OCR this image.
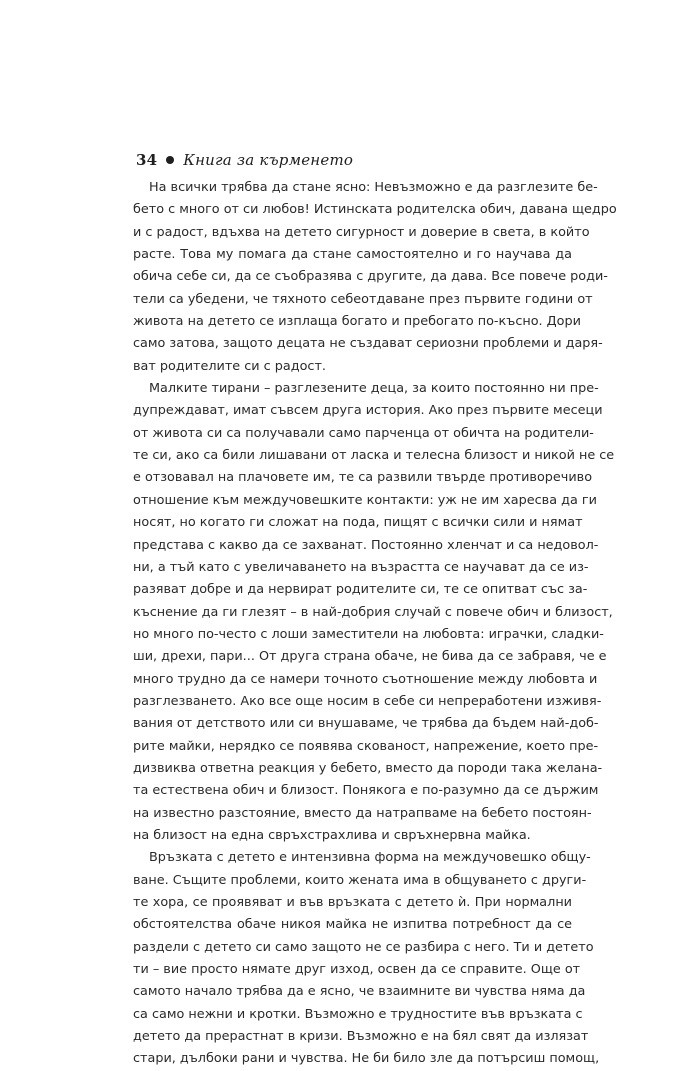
34 Книга за кърменето
На всички трябва да стане ясно: Невъзможно е да разглезите бе-
бето с много от си любов! Истинската родителска обич, давана щедро
и с радост, вдъхва на детето сигурност и доверие в света, в който
расте. Това му помага да стане самостоятелно и го научава да
обича себе си, да се съобразява с другите, да дава. Все повече роди-
тели са убедени, че тяхното себеотдаване през първите години от
живота на детето се изплаща богато и пребогато по-късно. Дори
само затова, защото децата не създават сериозни проблеми и даря-
ват родителите си с радост.
Малките тирани – разглезените деца, за които постоянно ни пре-
дупреждават, имат съвсем друга история. Ако през първите месеци
от живота си са получавали само парченца от обичта на родители-
те си, ако са били лишавани от ласка и телесна близост и никой не се
е отзовавал на плачовете им, те са развили твърде противоречиво
отношение към междучовешките контакти: уж не им харесва да ги
носят, но когато ги сложат на пода, пищят с всички сили и нямат
представа с какво да се захванат. Постоянно хленчат и са недовол-
ни, а тъй като с увеличаването на възрастта се научават да се из-
разяват добре и да нервират родителите си, те се опитват със за-
къснение да ги глезят – в най-добрия случай с повече обич и близост,
но много по-често с лоши заместители на любовта: играчки, сладки-
ши, дрехи, пари... От друга страна обаче, не бива да се забравя, че е
много трудно да се намери точното съотношение между любовта и
разглезването. Ако все още носим в себе си непреработени изживя-
вания от детството или си внушаваме, че трябва да бъдем най-доб-
рите майки, нерядко се появява скованост, напрежение, което пре-
дизвиква ответна реакция у бебето, вместо да породи така желана-
та естествена обич и близост. Понякога е по-разумно да се държим
на известно разстояние, вместо да натрапваме на бебето постоян-
на близост на една свръхстрахлива и свръхнервна майка.
Връзката с детето е интензивна форма на междучовешко общу-
ване. Същите проблеми, които жената има в общуването с други-
те хора, се проявяват и във връзката с детето ѝ. При нормални
обстоятелства обаче никоя майка не изпитва потребност да се
раздели с детето си само защото не се разбира с него. Ти и детето
ти – вие просто нямате друг изход, освен да се справите. Още от
самото начало трябва да е ясно, че взаимните ви чувства няма да
са само нежни и кротки. Възможно е трудностите във връзката с
детето да прерастнат в кризи. Възможно е на бял свят да излязат
стари, дълбоки рани и чувства. Не би било зле да потърсиш помощ,
